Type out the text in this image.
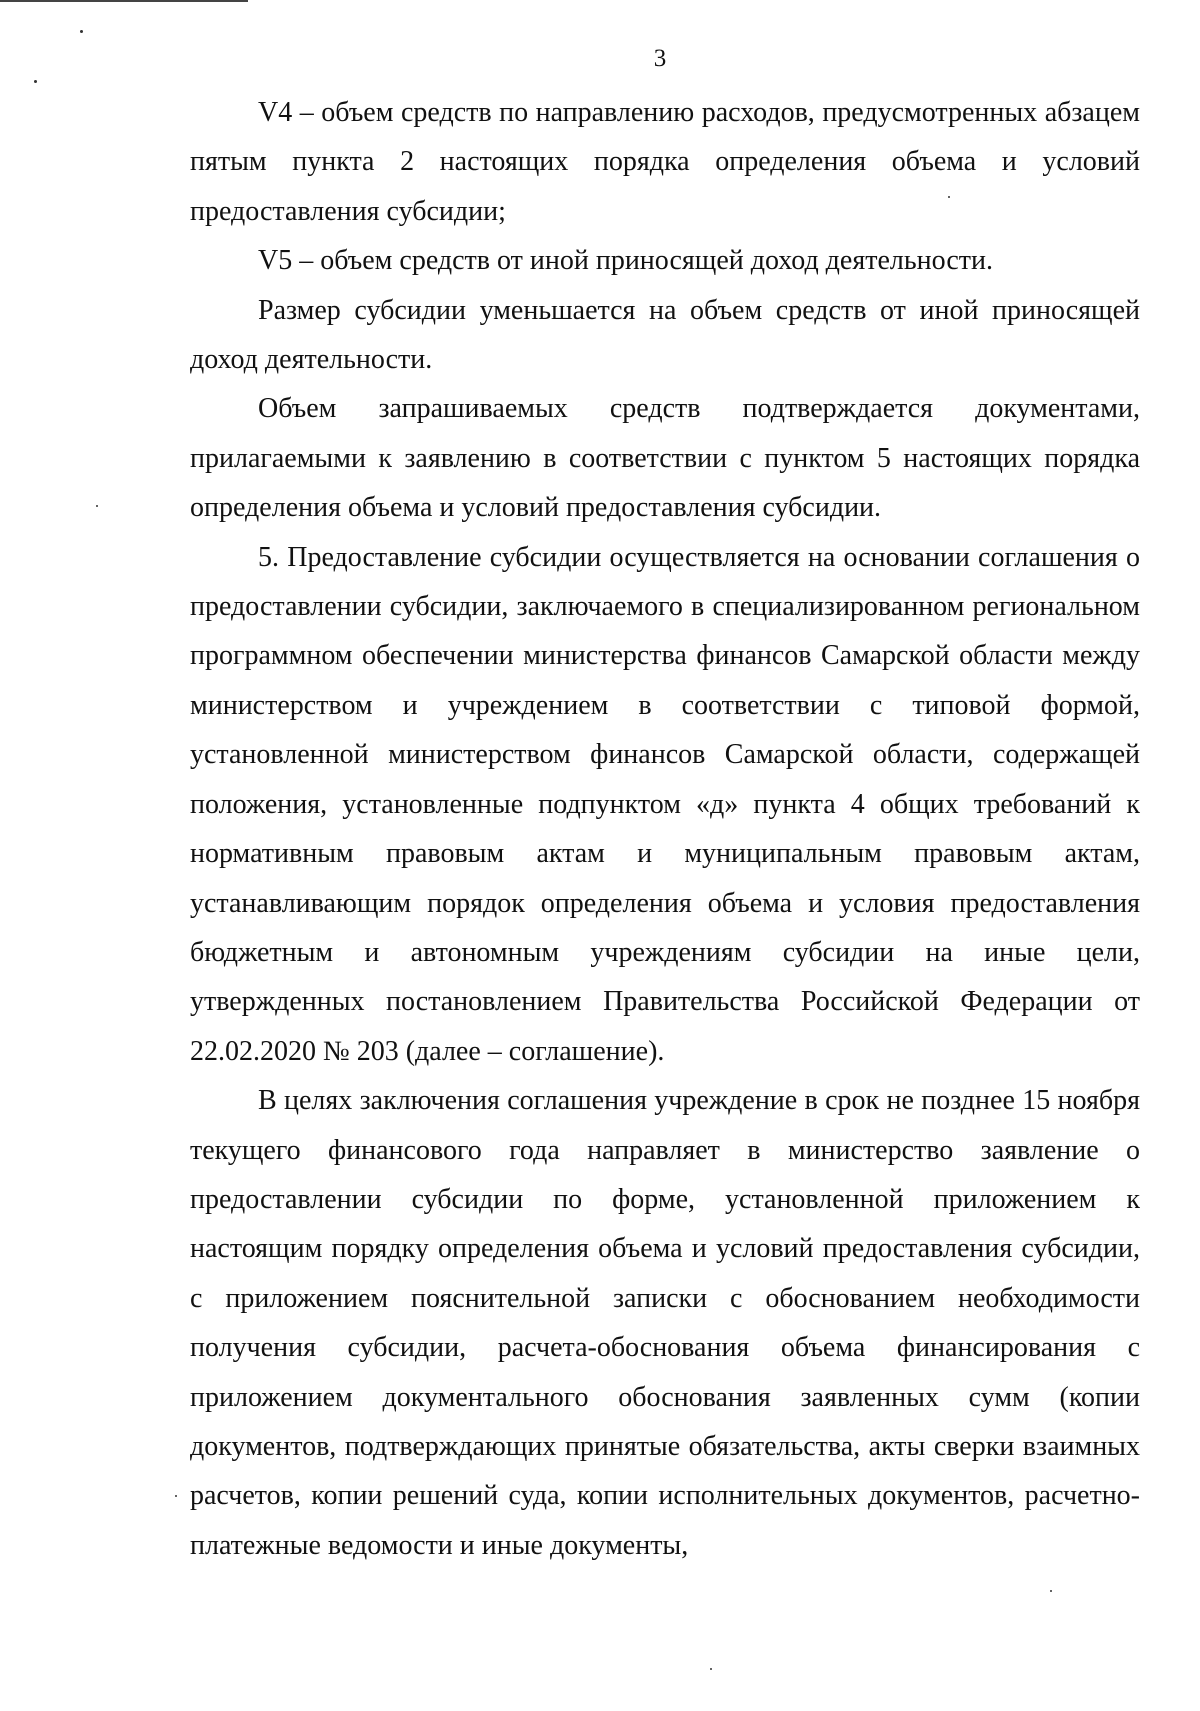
3

V4 – объем средств по направлению расходов, предусмотренных абзацем пятым пункта 2 настоящих порядка определения объема и условий предоставления субсидии;

V5 – объем средств от иной приносящей доход деятельности.

Размер субсидии уменьшается на объем средств от иной приносящей доход деятельности.

Объем запрашиваемых средств подтверждается документами, прилагаемыми к заявлению в соответствии с пунктом 5 настоящих порядка определения объема и условий предоставления субсидии.

5. Предоставление субсидии осуществляется на основании соглашения о предоставлении субсидии, заключаемого в специализированном региональном программном обеспечении министерства финансов Самарской области между министерством и учреждением в соответствии с типовой формой, установленной министерством финансов Самарской области, содержащей положения, установленные подпунктом «д» пункта 4 общих требований к нормативным правовым актам и муниципальным правовым актам, устанавливающим порядок определения объема и условия предоставления бюджетным и автономным учреждениям субсидии на иные цели, утвержденных постановлением Правительства Российской Федерации от 22.02.2020 № 203 (далее – соглашение).

В целях заключения соглашения учреждение в срок не позднее 15 ноября текущего финансового года направляет в министерство заявление о предоставлении субсидии по форме, установленной приложением к настоящим порядку определения объема и условий предоставления субсидии, с приложением пояснительной записки с обоснованием необходимости получения субсидии, расчета-обоснования объема финансирования с приложением документального обоснования заявленных сумм (копии документов, подтверждающих принятые обязательства, акты сверки взаимных расчетов, копии решений суда, копии исполнительных документов, расчетно-платежные ведомости и иные документы,
